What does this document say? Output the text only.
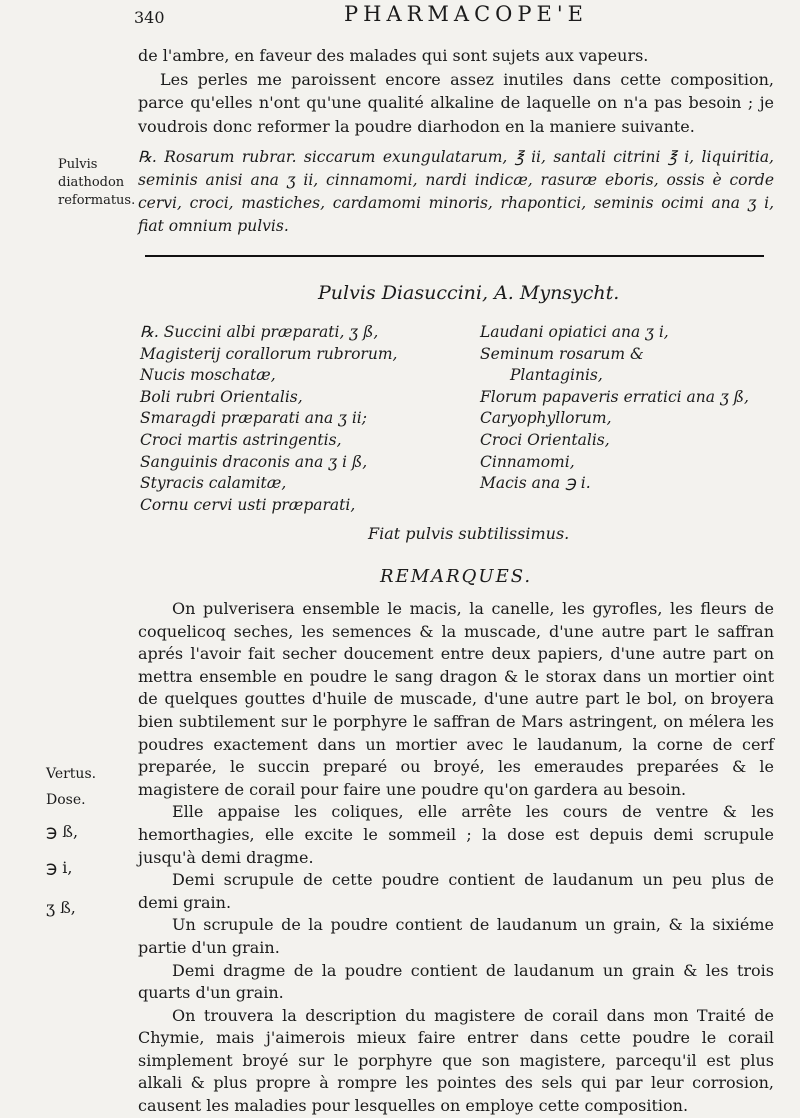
340	PHARMACOPE'E
de l'ambre, en faveur des malades qui sont sujets aux vapeurs.
Les perles me paroissent encore assez inutiles dans cette composition, parce qu'elles n'ont qu'une qualité alkaline de laquelle on n'a pas besoin ; je voudrois donc reformer la poudre diarhodon en la maniere suivante.
Pulvis diathodon reformatus.
℞. Rosarum rubrar. siccarum exungulatarum, ℥ ii, santali citrini ℥ i, liquiritia, seminis anisi ana ʒ ii, cinnamomi, nardi indicæ, rasuræ eboris, ossis è corde cervi, croci, mastiches, cardamomi minoris, rhapontici, seminis ocimi ana ʒ i, fiat omnium pulvis.
Pulvis Diasuccini, A. Mynsycht.
℞. Succini albi præparati, ʒ ß,
Magisterij corallorum rubrorum,
Nucis moschatæ,
Boli rubri Orientalis,
Smaragdi præparati ana ʒ ii;
Croci martis astringentis,
Sanguinis draconis ana ʒ i ß,
Styracis calamitæ,
Cornu cervi usti præparati,
Laudani opiatici ana ʒ i,
Seminum rosarum &
Plantaginis,
Florum papaveris erratici ana ʒ ß,
Caryophyllorum,
Croci Orientalis,
Cinnamomi,
Macis ana ℈ i.
Fiat pulvis subtilissimus.
REMARQUES.

On pulverisera ensemble le macis, la canelle, les gyrofles, les fleurs de coquelicoq seches, les semences & la muscade, d'une autre part le saffran aprés l'avoir fait secher doucement entre deux papiers, d'une autre part on mettra ensemble en poudre le sang dragon & le storax dans un mortier oint de quelques gouttes d'huile de muscade, d'une autre part le bol, on broyera bien subtilement sur le porphyre le saffran de Mars astringent, on mélera les poudres exactement dans un mortier avec le laudanum, la corne de cerf preparée, le succin preparé ou broyé, les emeraudes preparées & le magistere de corail pour faire une poudre qu'on gardera au besoin.

Elle appaise les coliques, elle arrête les cours de ventre & les hemorthagies, elle excite le sommeil ; la dose est depuis demi scrupule jusqu'à demi dragme.

Demi scrupule de cette poudre contient de laudanum un peu plus de demi grain.

Un scrupule de la poudre contient de laudanum un grain, & la sixiéme partie d'un grain.

Demi dragme de la poudre contient de laudanum un grain & les trois quarts d'un grain.

On trouvera la description du magistere de corail dans mon Traité de Chymie, mais j'aimerois mieux faire entrer dans cette poudre le corail simplement broyé sur le porphyre que son magistere, parcequ'il est plus alkali & plus propre à rompre les pointes des sels qui par leur corrosion, causent les maladies pour lesquelles on employe cette composition.

Vertus.
Dose.
℈ ß,
℈ i,
ʒ ß,
